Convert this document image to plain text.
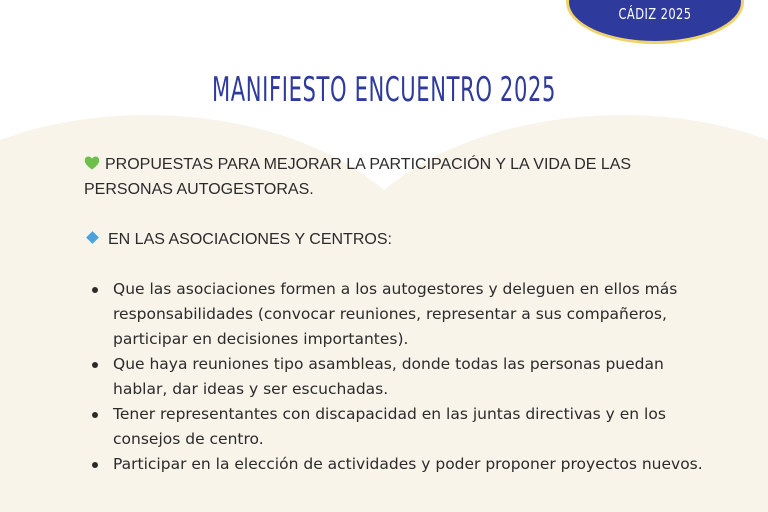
CÁDIZ 2025
MANIFIESTO ENCUENTRO 2025

PROPUESTAS PARA MEJORAR LA PARTICIPACIÓN Y LA VIDA DE LAS
PERSONAS AUTOGESTORAS.

EN LAS ASOCIACIONES Y CENTROS:

Que las asociaciones formen a los autogestores y deleguen en ellos más responsabilidades (convocar reuniones, representar a sus compañeros, participar en decisiones importantes).
Que haya reuniones tipo asambleas, donde todas las personas puedan hablar, dar ideas y ser escuchadas.
Tener representantes con discapacidad en las juntas directivas y en los consejos de centro.
Participar en la elección de actividades y poder proponer proyectos nuevos.
